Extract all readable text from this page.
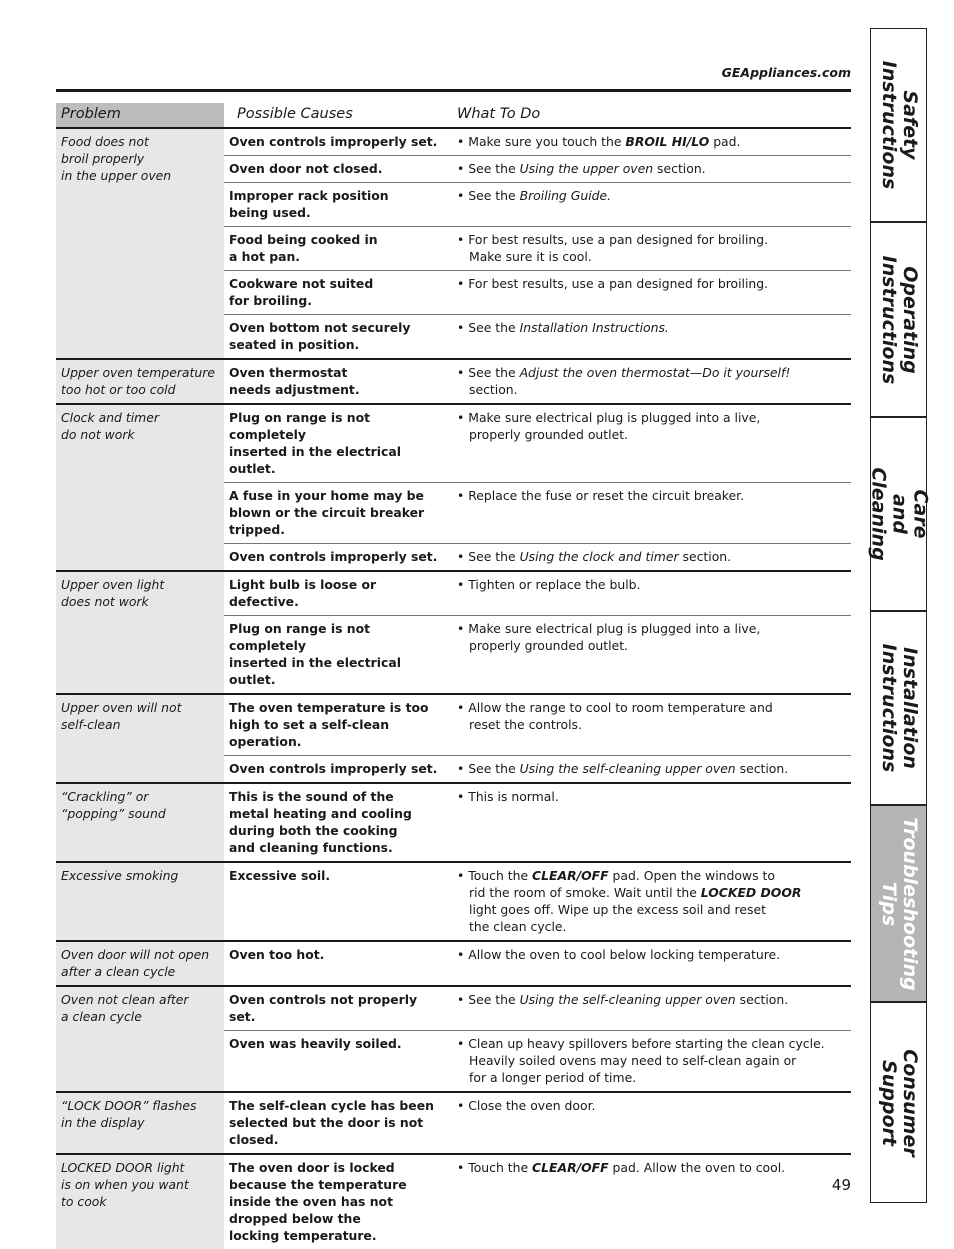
GEAppliances.com
Problem	Possible Causes	What To Do
Food does not
broil properly
in the upper oven	Oven controls improperly set.	• Make sure you touch the BROIL HI/LO pad.

	Oven door not closed.	• See the Using the upper oven section.

	Improper rack position
being used.	• See the Broiling Guide.

	Food being cooked in
a hot pan.	• For best results, use a pan designed for broiling.
Make sure it is cool.

	Cookware not suited
for broiling.	• For best results, use a pan designed for broiling.

	Oven bottom not securely
seated in position.	• See the Installation Instructions.

Upper oven temperature
too hot or too cold	Oven thermostat
needs adjustment.	• See the Adjust the oven thermostat—Do it yourself!
section.

Clock and timer
do not work	Plug on range is not completely
inserted in the electrical outlet.	• Make sure electrical plug is plugged into a live,
properly grounded outlet.

	A fuse in your home may be
blown or the circuit breaker
tripped.	• Replace the fuse or reset the circuit breaker.

	Oven controls improperly set.	• See the Using the clock and timer section.

Upper oven light
does not work	Light bulb is loose or defective.	• Tighten or replace the bulb.

	Plug on range is not completely
inserted in the electrical outlet.	• Make sure electrical plug is plugged into a live,
properly grounded outlet.

Upper oven will not
self-clean	The oven temperature is too
high to set a self-clean operation.	• Allow the range to cool to room temperature and
reset the controls.

	Oven controls improperly set.	• See the Using the self-cleaning upper oven section.

“Crackling” or
“popping” sound	This is the sound of the
metal heating and cooling
during both the cooking
and cleaning functions.	• This is normal.

Excessive smoking	Excessive soil.	• Touch the CLEAR/OFF pad. Open the windows to
rid the room of smoke. Wait until the LOCKED DOOR
light goes off. Wipe up the excess soil and reset
the clean cycle.

Oven door will not open
after a clean cycle	Oven too hot.	• Allow the oven to cool below locking temperature.

Oven not clean after
a clean cycle	Oven controls not properly set.	• See the Using the self-cleaning upper oven section.

	Oven was heavily soiled.	• Clean up heavy spillovers before starting the clean cycle.
Heavily soiled ovens may need to self-clean again or
for a longer period of time.

“LOCK DOOR” flashes
in the display	The self-clean cycle has been
selected but the door is not
closed.	• Close the oven door.

LOCKED DOOR light
is on when you want
to cook	The oven door is locked
because the temperature
inside the oven has not
dropped below the
locking temperature.	• Touch the CLEAR/OFF pad. Allow the oven to cool.
Safety Instructions
Operating
Instructions
Care and Cleaning
Installation
Instructions
Troubleshooting
Tips
Consumer Support
49
